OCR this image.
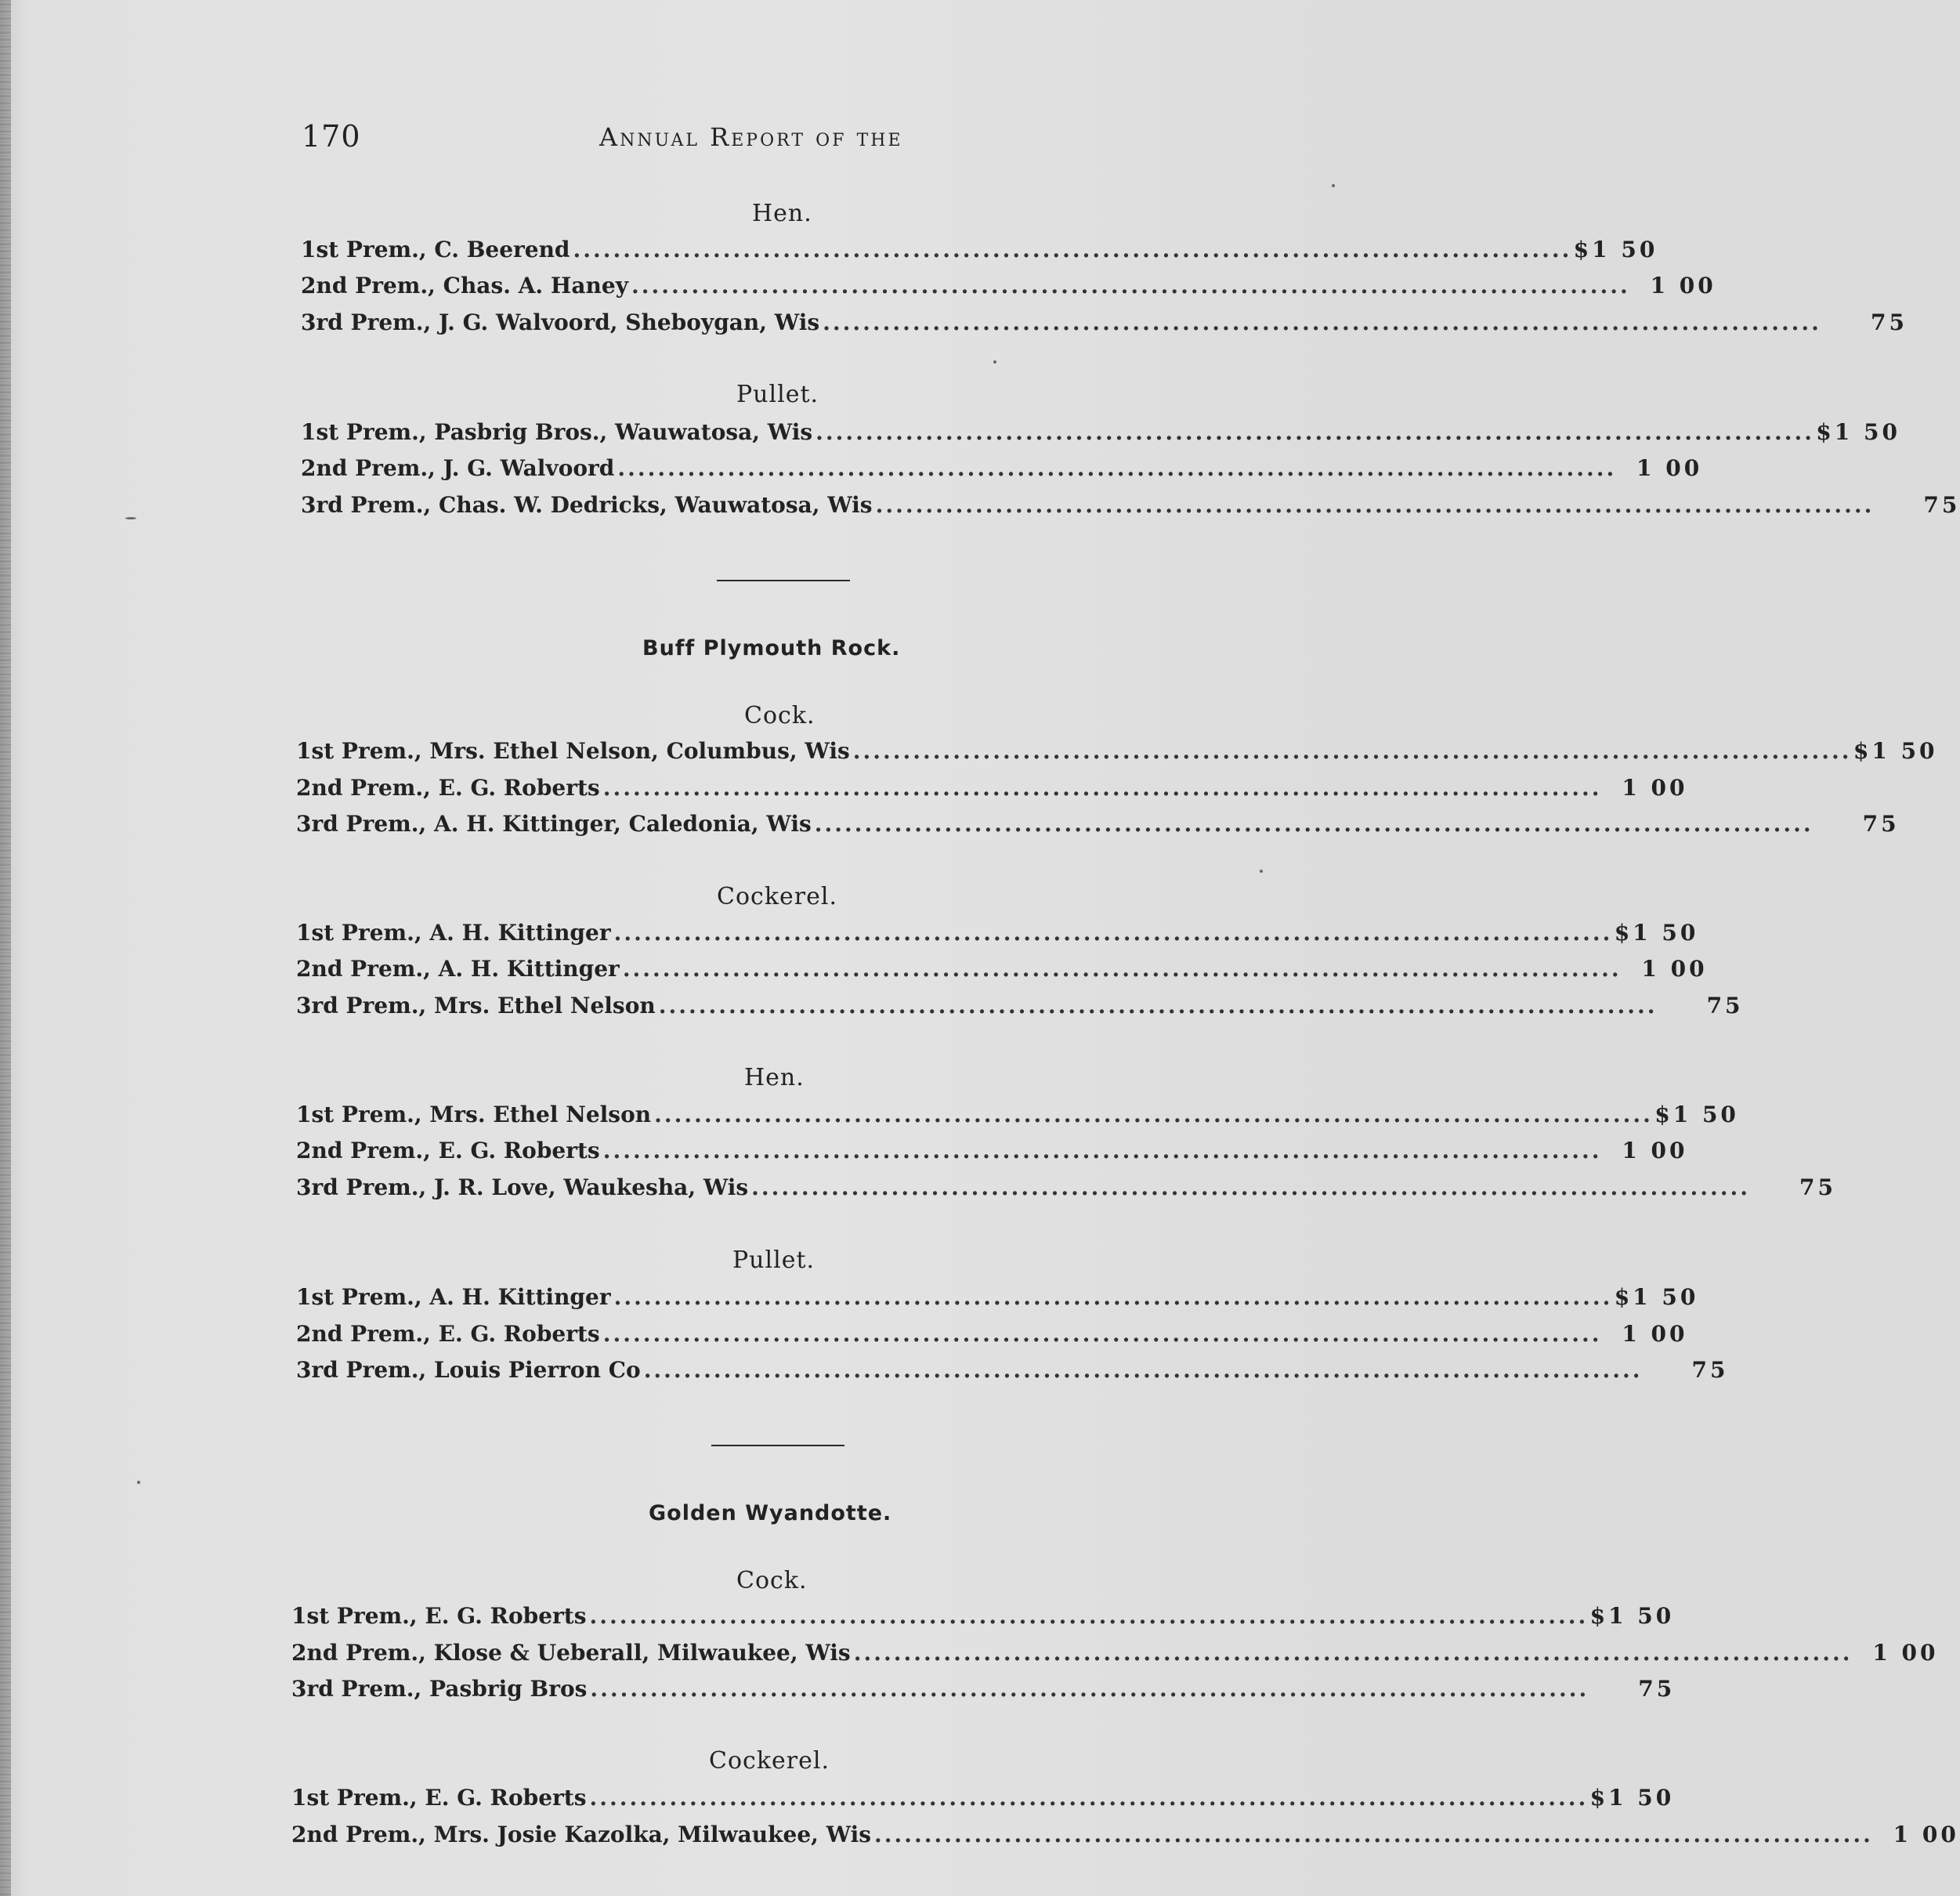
170	Annual Report of the
Hen.
1st Prem., C. Beerend .................................................................................................... $1 50
2nd Prem., Chas. A. Haney .................................................................................................... 1 00
3rd Prem., J. G. Walvoord, Sheboygan, Wis ....................................................................................................	75
Pullet.
1st Prem., Pasbrig Bros., Wauwatosa, Wis .................................................................................................... $1 50
2nd Prem., J. G. Walvoord .................................................................................................... 1 00
3rd Prem., Chas. W. Dedricks, Wauwatosa, Wis ....................................................................................................	75
Buff Plymouth Rock.
Cock.
1st Prem., Mrs. Ethel Nelson, Columbus, Wis .................................................................................................... $1 50
2nd Prem., E. G. Roberts .................................................................................................... 1 00
3rd Prem., A. H. Kittinger, Caledonia, Wis ....................................................................................................	75
Cockerel.
1st Prem., A. H. Kittinger .................................................................................................... $1 50
2nd Prem., A. H. Kittinger .................................................................................................... 1 00
3rd Prem., Mrs. Ethel Nelson ....................................................................................................	75
Hen.
1st Prem., Mrs. Ethel Nelson .................................................................................................... $1 50
2nd Prem., E. G. Roberts .................................................................................................... 1 00
3rd Prem., J. R. Love, Waukesha, Wis ....................................................................................................	75
Pullet.
1st Prem., A. H. Kittinger .................................................................................................... $1 50
2nd Prem., E. G. Roberts .................................................................................................... 1 00
3rd Prem., Louis Pierron Co ....................................................................................................	75
Golden Wyandotte.
Cock.
1st Prem., E. G. Roberts .................................................................................................... $1 50
2nd Prem., Klose & Ueberall, Milwaukee, Wis .................................................................................................... 1 00
3rd Prem., Pasbrig Bros ....................................................................................................	75
Cockerel.
1st Prem., E. G. Roberts .................................................................................................... $1 50
2nd Prem., Mrs. Josie Kazolka, Milwaukee, Wis .................................................................................................... 1 00
